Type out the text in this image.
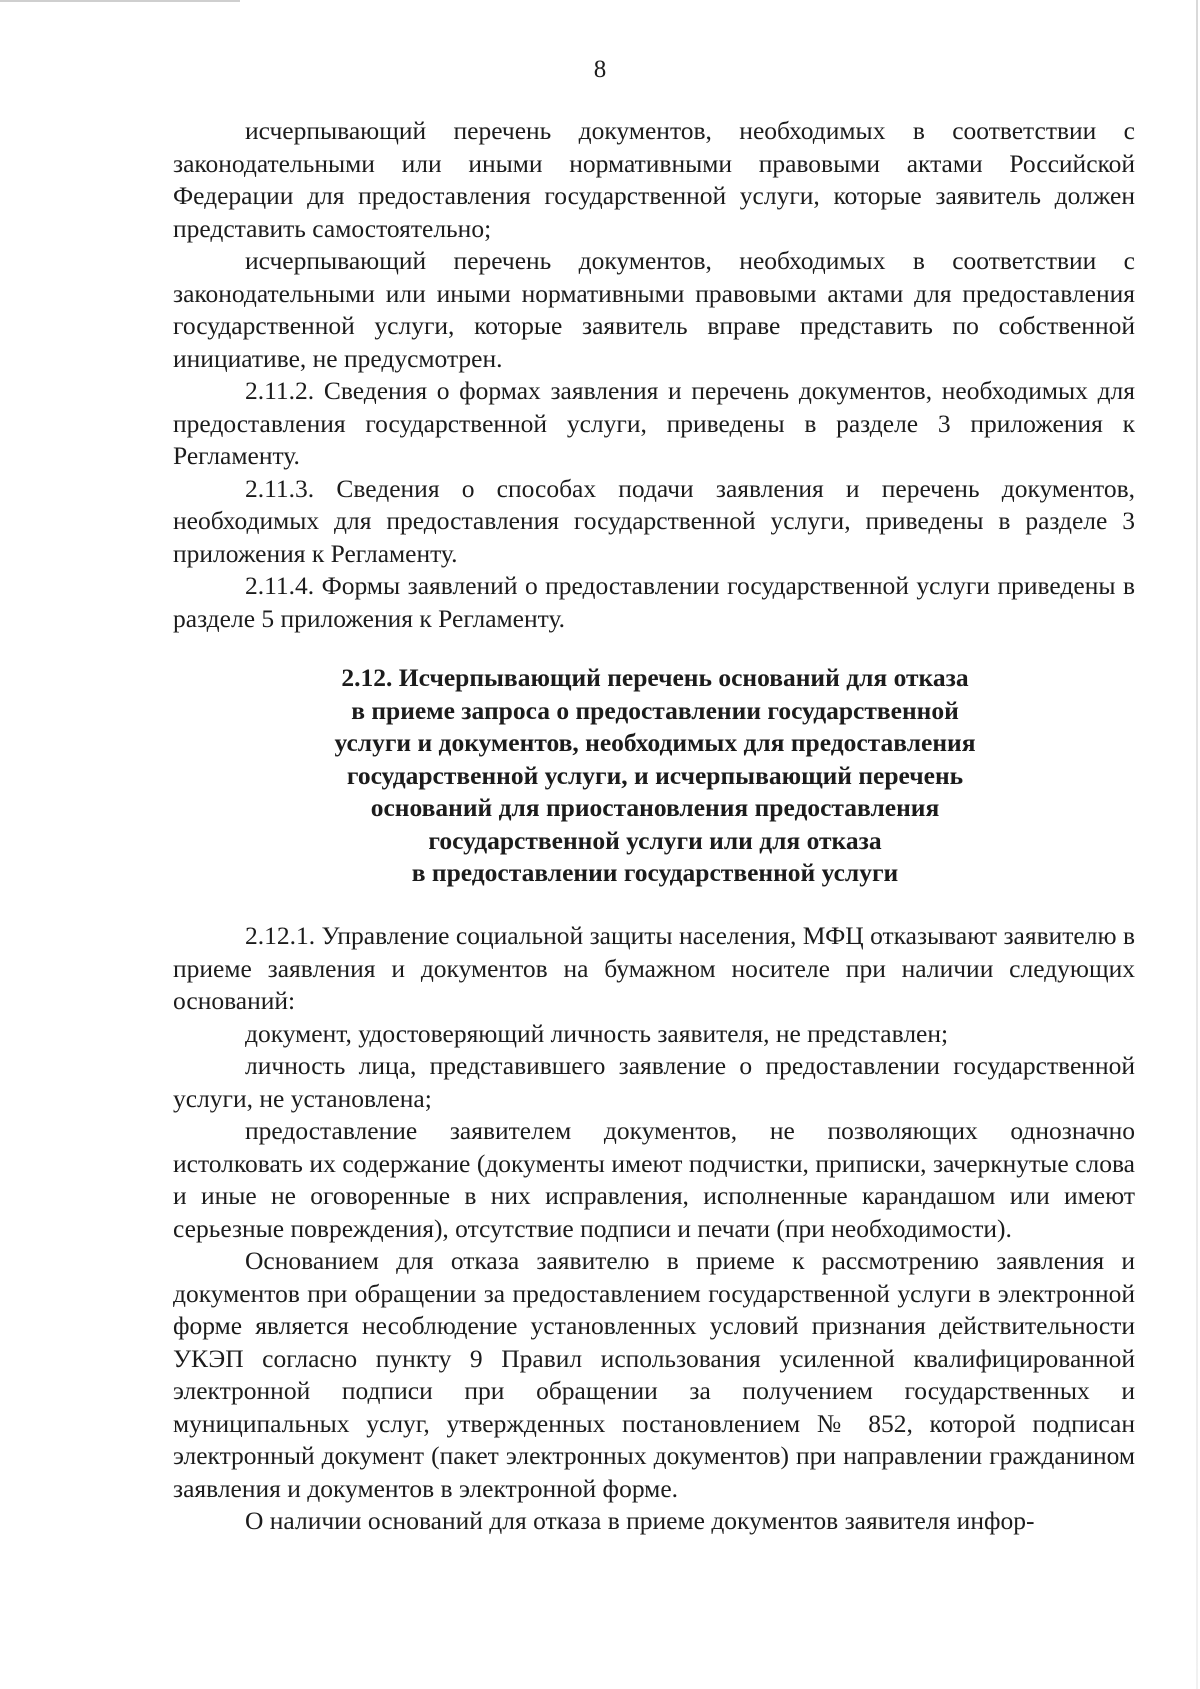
8

исчерпывающий перечень документов, необходимых в соответствии с законодательными или иными нормативными правовыми актами Российской Федерации для предоставления государственной услуги, которые заявитель должен представить самостоятельно;

исчерпывающий перечень документов, необходимых в соответствии с законодательными или иными нормативными правовыми актами для предоставления государственной услуги, которые заявитель вправе представить по собственной инициативе, не предусмотрен.

2.11.2. Сведения о формах заявления и перечень документов, необходимых для предоставления государственной услуги, приведены в разделе 3 приложения к Регламенту.

2.11.3. Сведения о способах подачи заявления и перечень документов, необходимых для предоставления государственной услуги, приведены в разделе 3 приложения к Регламенту.

2.11.4. Формы заявлений о предоставлении государственной услуги приведены в разделе 5 приложения к Регламенту.

2.12. Исчерпывающий перечень оснований для отказа
в приеме запроса о предоставлении государственной
услуги и документов, необходимых для предоставления
государственной услуги, и исчерпывающий перечень
оснований для приостановления предоставления
государственной услуги или для отказа
в предоставлении государственной услуги

2.12.1. Управление социальной защиты населения, МФЦ отказывают заявителю в приеме заявления и документов на бумажном носителе при наличии следующих оснований:

документ, удостоверяющий личность заявителя, не представлен;

личность лица, представившего заявление о предоставлении государственной услуги, не установлена;

предоставление заявителем документов, не позволяющих однозначно истолковать их содержание (документы имеют подчистки, приписки, зачеркнутые слова и иные не оговоренные в них исправления, исполненные карандашом или имеют серьезные повреждения), отсутствие подписи и печати (при необходимости).

Основанием для отказа заявителю в приеме к рассмотрению заявления и документов при обращении за предоставлением государственной услуги в электронной форме является несоблюдение установленных условий признания действительности УКЭП согласно пункту 9 Правил использования усиленной квалифицированной электронной подписи при обращении за получением государственных и муниципальных услуг, утвержденных постановлением № 852, которой подписан электронный документ (пакет электронных документов) при направлении гражданином заявления и документов в электронной форме.

О наличии оснований для отказа в приеме документов заявителя инфор-
